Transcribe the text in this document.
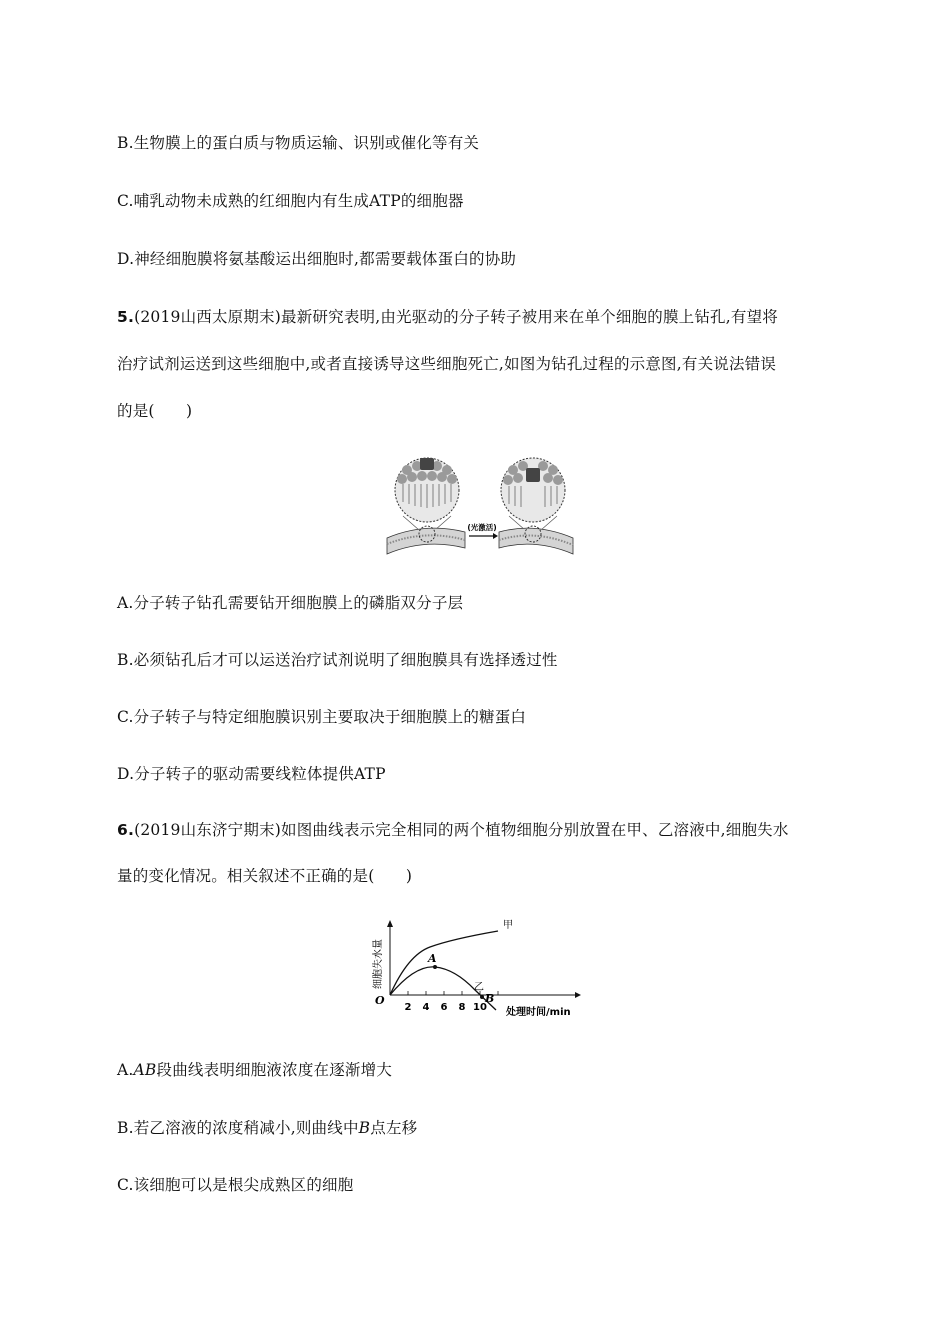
B.生物膜上的蛋白质与物质运输、识别或催化等有关
C.哺乳动物未成熟的红细胞内有生成ATP的细胞器
D.神经细胞膜将氨基酸运出细胞时,都需要载体蛋白的协助
5.(2019山西太原期末)最新研究表明,由光驱动的分子转子被用来在单个细胞的膜上钻孔,有望将
治疗试剂运送到这些细胞中,或者直接诱导这些细胞死亡,如图为钻孔过程的示意图,有关说法错误
的是(　　)
(光激活)
A.分子转子钻孔需要钻开细胞膜上的磷脂双分子层
B.必须钻孔后才可以运送治疗试剂说明了细胞膜具有选择透过性
C.分子转子与特定细胞膜识别主要取决于细胞膜上的糖蛋白
D.分子转子的驱动需要线粒体提供ATP
6.(2019山东济宁期末)如图曲线表示完全相同的两个植物细胞分别放置在甲、乙溶液中,细胞失水
量的变化情况。相关叙述不正确的是(　　)
细胞失水量
O
2 4 6 8 10 处理时间/min
甲
A
乙
B
A.AB段曲线表明细胞液浓度在逐渐增大
B.若乙溶液的浓度稍减小,则曲线中B点左移
C.该细胞可以是根尖成熟区的细胞
